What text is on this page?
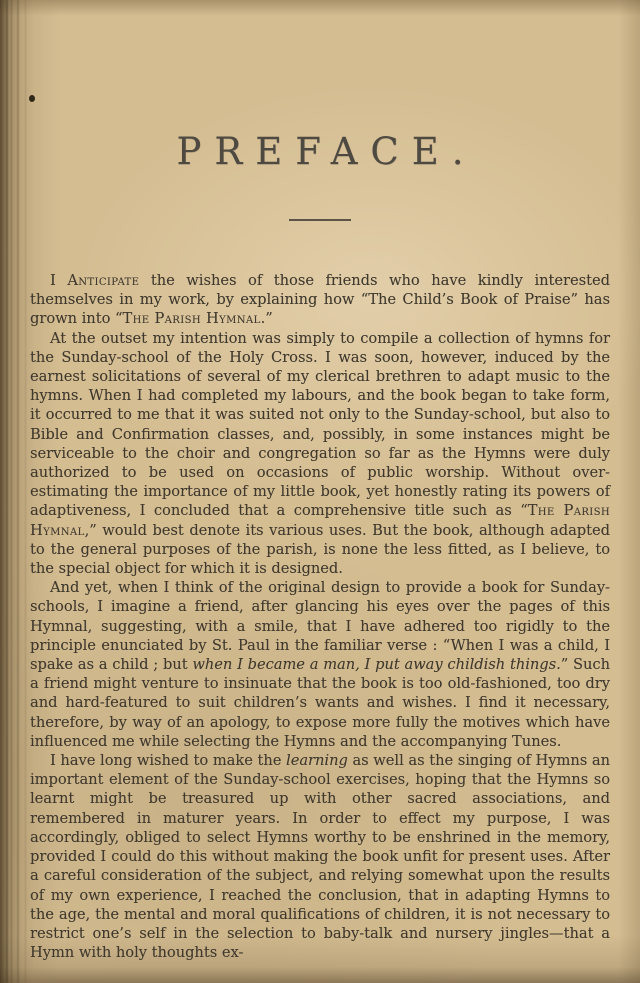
PREFACE.

I Anticipate the wishes of those friends who have kindly interested themselves in my work, by explaining how “The Child’s Book of Praise” has grown into “The Parish Hymnal.”

At the outset my intention was simply to compile a collection of hymns for the Sunday-school of the Holy Cross. I was soon, however, induced by the earnest solicitations of several of my clerical brethren to adapt music to the hymns. When I had completed my labours, and the book began to take form, it occurred to me that it was suited not only to the Sunday-school, but also to Bible and Confirmation classes, and, possibly, in some instances might be serviceable to the choir and congregation so far as the Hymns were duly authorized to be used on occasions of public worship. Without over-estimating the importance of my little book, yet honestly rating its powers of adaptiveness, I concluded that a comprehensive title such as “The Parish Hymnal,” would best denote its various uses. But the book, although adapted to the general purposes of the parish, is none the less fitted, as I believe, to the special object for which it is designed.

And yet, when I think of the original design to provide a book for Sunday-schools, I imagine a friend, after glancing his eyes over the pages of this Hymnal, suggesting, with a smile, that I have adhered too rigidly to the principle enunciated by St. Paul in the familiar verse : “When I was a child, I spake as a child ; but when I became a man, I put away childish things.” Such a friend might venture to insinuate that the book is too old-fashioned, too dry and hard-featured to suit children’s wants and wishes. I find it necessary, therefore, by way of an apology, to expose more fully the motives which have influenced me while selecting the Hymns and the accompanying Tunes.

I have long wished to make the learning as well as the singing of Hymns an important element of the Sunday-school exercises, hoping that the Hymns so learnt might be treasured up with other sacred associations, and remembered in maturer years. In order to effect my purpose, I was accordingly, obliged to select Hymns worthy to be enshrined in the memory, provided I could do this without making the book unfit for present uses. After a careful consideration of the subject, and relying somewhat upon the results of my own experience, I reached the conclusion, that in adapting Hymns to the age, the mental and moral qualifications of children, it is not necessary to restrict one’s self in the selection to baby-talk and nursery jingles—that a Hymn with holy thoughts ex-
